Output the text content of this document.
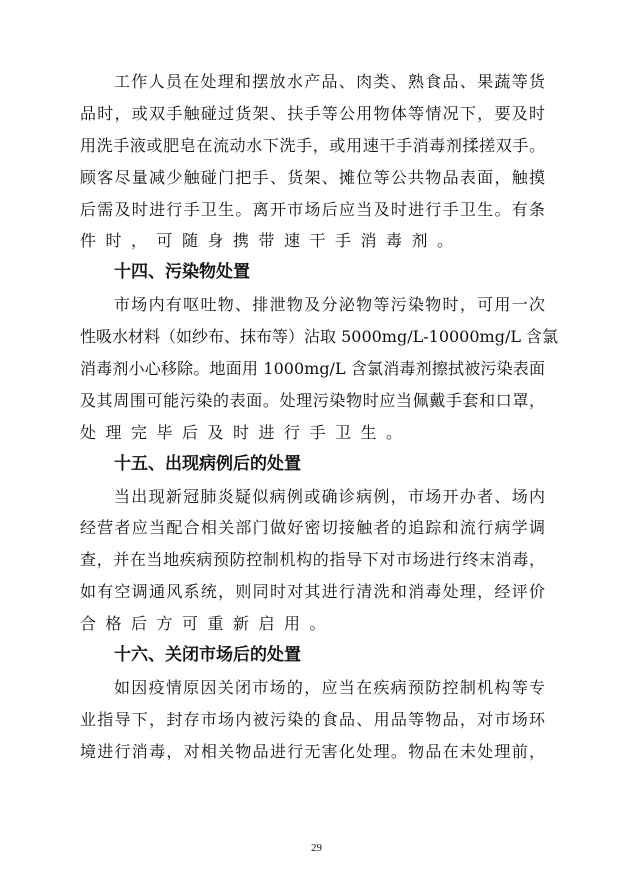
工作人员在处理和摆放水产品、肉类、熟食品、果蔬等货
品时，或双手触碰过货架、扶手等公用物体等情况下，要及时
用洗手液或肥皂在流动水下洗手，或用速干手消毒剂揉搓双手。
顾客尽量减少触碰门把手、货架、摊位等公共物品表面，触摸
后需及时进行手卫生。离开市场后应当及时进行手卫生。有条
件时，可随身携带速干手消毒剂。
十四、污染物处置
市场内有呕吐物、排泄物及分泌物等污染物时，可用一次
性吸水材料（如纱布、抹布等）沾取 5000mg/L-10000mg/L 含氯
消毒剂小心移除。地面用 1000mg/L 含氯消毒剂擦拭被污染表面
及其周围可能污染的表面。处理污染物时应当佩戴手套和口罩，
处理完毕后及时进行手卫生。
十五、出现病例后的处置
当出现新冠肺炎疑似病例或确诊病例，市场开办者、场内
经营者应当配合相关部门做好密切接触者的追踪和流行病学调
查，并在当地疾病预防控制机构的指导下对市场进行终末消毒，
如有空调通风系统，则同时对其进行清洗和消毒处理，经评价
合格后方可重新启用。
十六、关闭市场后的处置
如因疫情原因关闭市场的，应当在疾病预防控制机构等专
业指导下，封存市场内被污染的食品、用品等物品，对市场环
境进行消毒，对相关物品进行无害化处理。物品在未处理前，
29
